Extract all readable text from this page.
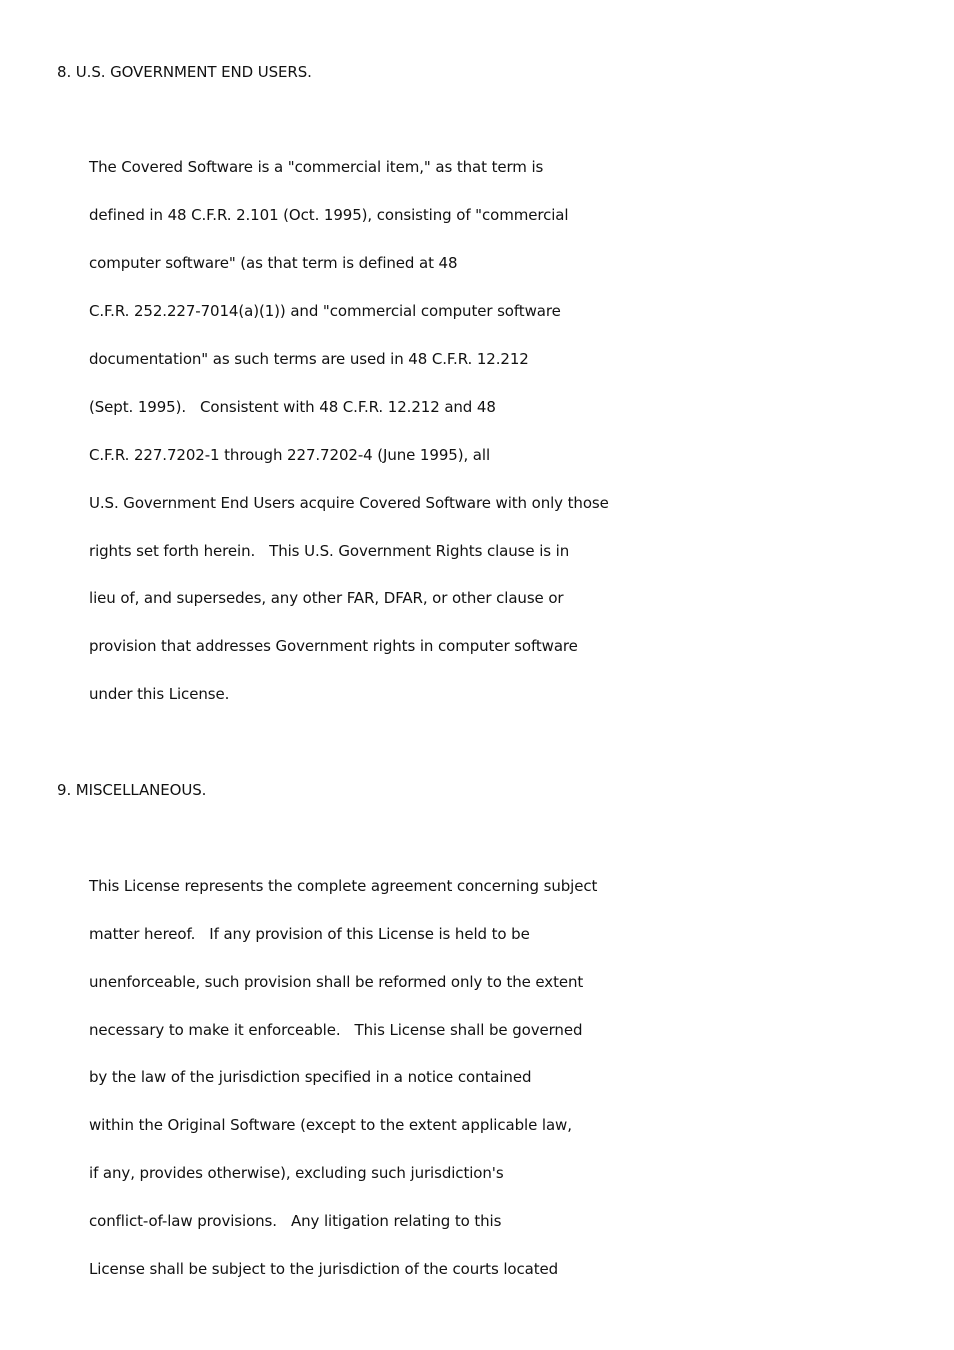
8. U.S. GOVERNMENT END USERS.
The Covered Software is a "commercial item," as that term is
defined in 48 C.F.R. 2.101 (Oct. 1995), consisting of "commercial
computer software" (as that term is defined at 48
C.F.R. 252.227-7014(a)(1)) and "commercial computer software
documentation" as such terms are used in 48 C.F.R. 12.212
(Sept. 1995).   Consistent with 48 C.F.R. 12.212 and 48
C.F.R. 227.7202-1 through 227.7202-4 (June 1995), all
U.S. Government End Users acquire Covered Software with only those
rights set forth herein.   This U.S. Government Rights clause is in
lieu of, and supersedes, any other FAR, DFAR, or other clause or
provision that addresses Government rights in computer software
under this License.
9. MISCELLANEOUS.
This License represents the complete agreement concerning subject
matter hereof.   If any provision of this License is held to be
unenforceable, such provision shall be reformed only to the extent
necessary to make it enforceable.   This License shall be governed
by the law of the jurisdiction specified in a notice contained
within the Original Software (except to the extent applicable law,
if any, provides otherwise), excluding such jurisdiction's
conflict-of-law provisions.   Any litigation relating to this
License shall be subject to the jurisdiction of the courts located
